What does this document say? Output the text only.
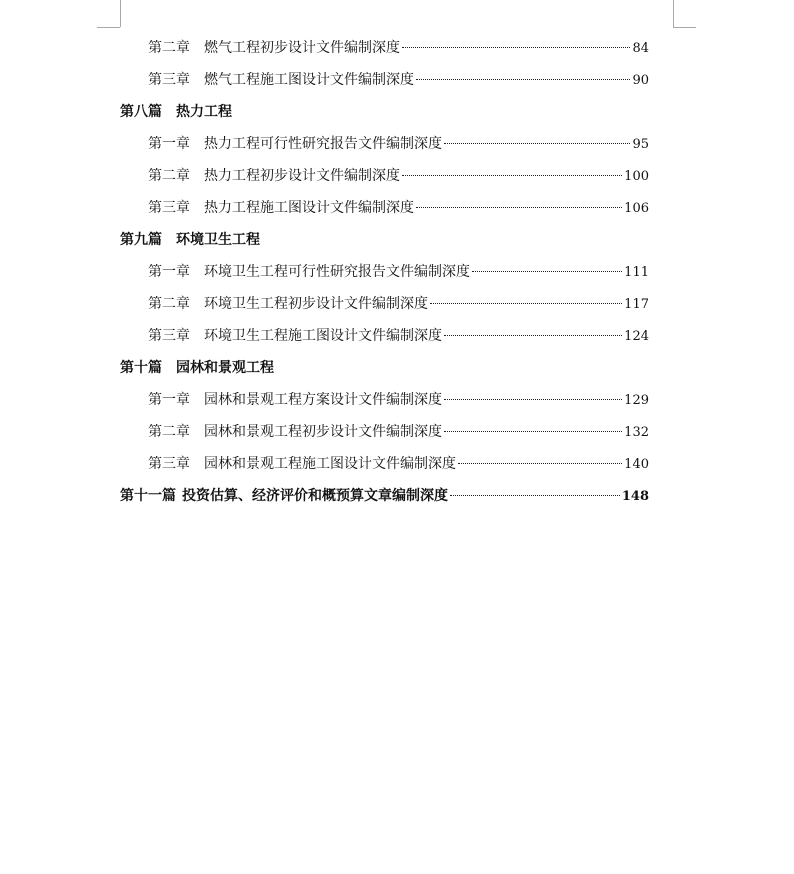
第二章	燃气工程初步设计文件编制深度	84
第三章	燃气工程施工图设计文件编制深度	90
第八篇	热力工程
第一章	热力工程可行性研究报告文件编制深度	95
第二章	热力工程初步设计文件编制深度	100
第三章	热力工程施工图设计文件编制深度	106
第九篇	环境卫生工程
第一章	环境卫生工程可行性研究报告文件编制深度	111
第二章	环境卫生工程初步设计文件编制深度	117
第三章	环境卫生工程施工图设计文件编制深度	124
第十篇	园林和景观工程
第一章	园林和景观工程方案设计文件编制深度	129
第二章	园林和景观工程初步设计文件编制深度	132
第三章	园林和景观工程施工图设计文件编制深度	140
第十一篇 投资估算、经济评价和概预算文章编制深度	148
